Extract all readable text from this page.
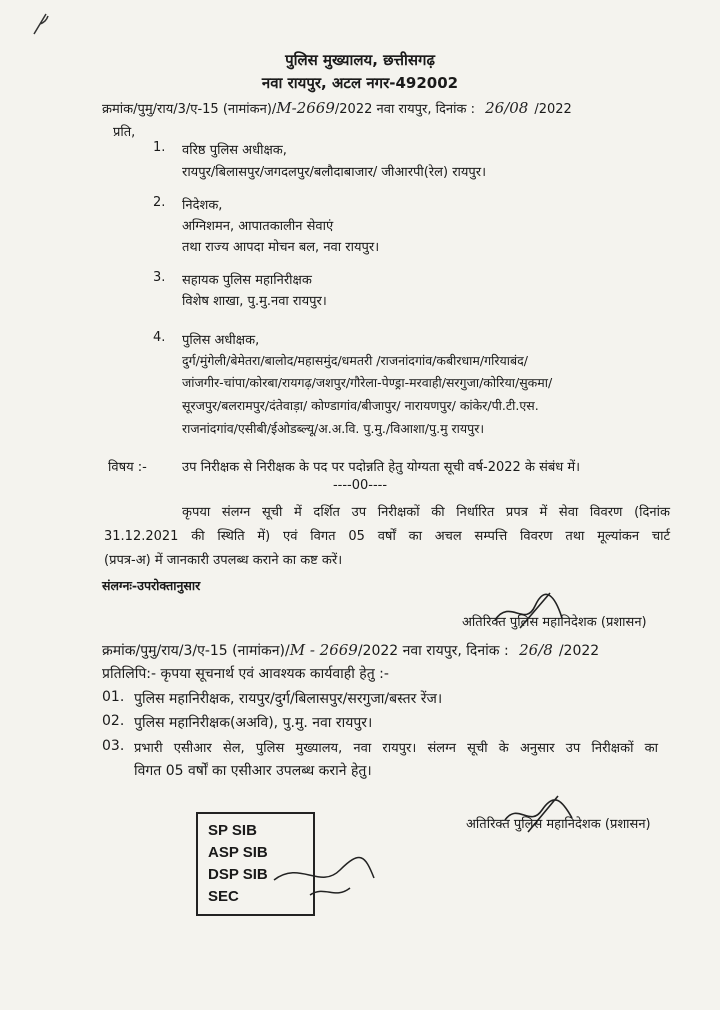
पुलिस मुख्यालय, छत्तीसगढ़
नवा रायपुर, अटल नगर-492002
क्रमांक/पुमु/राय/3/ए-15 (नामांकन)/M-2669/2022 नवा रायपुर, दिनांक : 26/08 /2022
प्रति,
1. वरिष्ठ पुलिस अधीक्षक,
रायपुर/बिलासपुर/जगदलपुर/बलौदाबाजार/ जीआरपी(रेल) रायपुर।
2. निदेशक,
अग्निशमन, आपातकालीन सेवाएं
तथा राज्य आपदा मोचन बल, नवा रायपुर।
3. सहायक पुलिस महानिरीक्षक
विशेष शाखा, पु.मु.नवा रायपुर।
4. पुलिस अधीक्षक,
दुर्ग/मुंगेली/बेमेतरा/बालोद/महासमुंद/धमतरी /राजनांदगांव/कबीरधाम/गरियाबंद/
जांजगीर-चांपा/कोरबा/रायगढ़/जशपुर/गौरेला-पेण्ड्रा-मरवाही/सरगुजा/कोरिया/सुकमा/
सूरजपुर/बलरामपुर/दंतेवाड़ा/ कोण्डागांव/बीजापुर/ नारायणपुर/ कांकेर/पी.टी.एस.
राजनांदगांव/एसीबी/ईओडब्ल्यू/अ.अ.वि. पु.मु./विआशा/पु.मु रायपुर।
विषय :-	उप निरीक्षक से निरीक्षक के पद पर पदोन्नति हेतु योग्यता सूची वर्ष-2022 के संबंध में।
----00----
कृपया संलग्न सूची में दर्शित उप निरीक्षकों की निर्धारित प्रपत्र में सेवा विवरण (दिनांक
31.12.2021 की स्थिति में) एवं विगत 05 वर्षों का अचल सम्पत्ति विवरण तथा मूल्यांकन चार्ट
(प्रपत्र-अ) में जानकारी उपलब्ध कराने का कष्ट करें।
संलग्नः-उपरोक्तानुसार
अतिरिक्त पुलिस महानिदेशक (प्रशासन)
क्रमांक/पुमु/राय/3/ए-15 (नामांकन)/M - 2669/2022 नवा रायपुर, दिनांक : 26/8 /2022
प्रतिलिपि:- कृपया सूचनार्थ एवं आवश्यक कार्यवाही हेतु :-
01. पुलिस महानिरीक्षक, रायपुर/दुर्ग/बिलासपुर/सरगुजा/बस्तर रेंज।
02. पुलिस महानिरीक्षक(अअवि), पु.मु. नवा रायपुर।
03. प्रभारी एसीआर सेल, पुलिस मुख्यालय, नवा रायपुर। संलग्न सूची के अनुसार उप निरीक्षकों का
विगत 05 वर्षों का एसीआर उपलब्ध कराने हेतु।
अतिरिक्त पुलिस महानिदेशक (प्रशासन)
SP SIB
ASP SIB
DSP SIB
SEC
